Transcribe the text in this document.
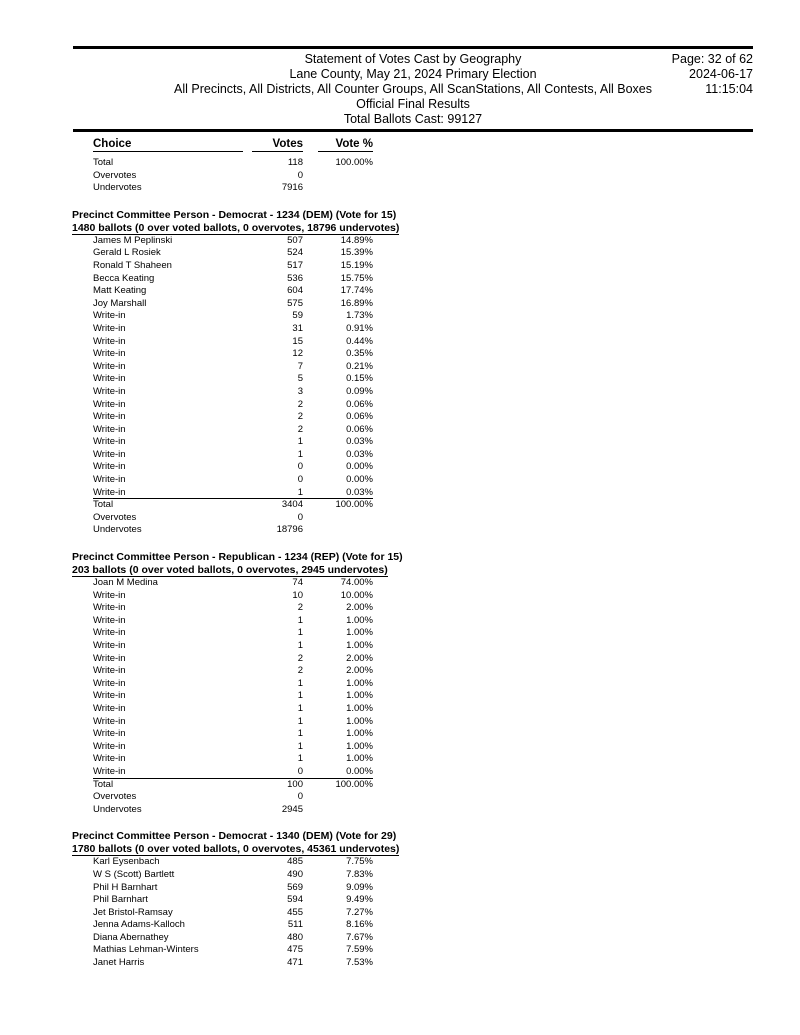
Statement of Votes Cast by Geography
Lane County, May 21, 2024 Primary Election
All Precincts, All Districts, All Counter Groups, All ScanStations, All Contests, All Boxes
Official Final Results
Total Ballots Cast: 99127
Page: 32 of 62
2024-06-17
11:15:04
Choice	Votes	Vote %
Total	118	100.00%
Overvotes	0
Undervotes	7916
Precinct Committee Person - Democrat - 1234 (DEM) (Vote for 15)
1480 ballots (0 over voted ballots, 0 overvotes, 18796 undervotes)
James M Peplinski	507	14.89%
Gerald L Rosiek	524	15.39%
Ronald T Shaheen	517	15.19%
Becca Keating	536	15.75%
Matt Keating	604	17.74%
Joy Marshall	575	16.89%
Write-in	59	1.73%
Write-in	31	0.91%
Write-in	15	0.44%
Write-in	12	0.35%
Write-in	7	0.21%
Write-in	5	0.15%
Write-in	3	0.09%
Write-in	2	0.06%
Write-in	2	0.06%
Write-in	2	0.06%
Write-in	1	0.03%
Write-in	1	0.03%
Write-in	0	0.00%
Write-in	0	0.00%
Write-in	1	0.03%
Total	3404	100.00%
Overvotes	0
Undervotes	18796
Precinct Committee Person - Republican - 1234 (REP) (Vote for 15)
203 ballots (0 over voted ballots, 0 overvotes, 2945 undervotes)
Joan M Medina	74	74.00%
Write-in	10	10.00%
Write-in	2	2.00%
Write-in	1	1.00%
Write-in	1	1.00%
Write-in	1	1.00%
Write-in	2	2.00%
Write-in	2	2.00%
Write-in	1	1.00%
Write-in	1	1.00%
Write-in	1	1.00%
Write-in	1	1.00%
Write-in	1	1.00%
Write-in	1	1.00%
Write-in	1	1.00%
Write-in	0	0.00%
Total	100	100.00%
Overvotes	0
Undervotes	2945
Precinct Committee Person - Democrat - 1340 (DEM) (Vote for 29)
1780 ballots (0 over voted ballots, 0 overvotes, 45361 undervotes)
Karl Eysenbach	485	7.75%
W S (Scott) Bartlett	490	7.83%
Phil H Barnhart	569	9.09%
Phil Barnhart	594	9.49%
Jet Bristol-Ramsay	455	7.27%
Jenna Adams-Kalloch	511	8.16%
Diana Abernathey	480	7.67%
Mathias Lehman-Winters	475	7.59%
Janet Harris	471	7.53%
